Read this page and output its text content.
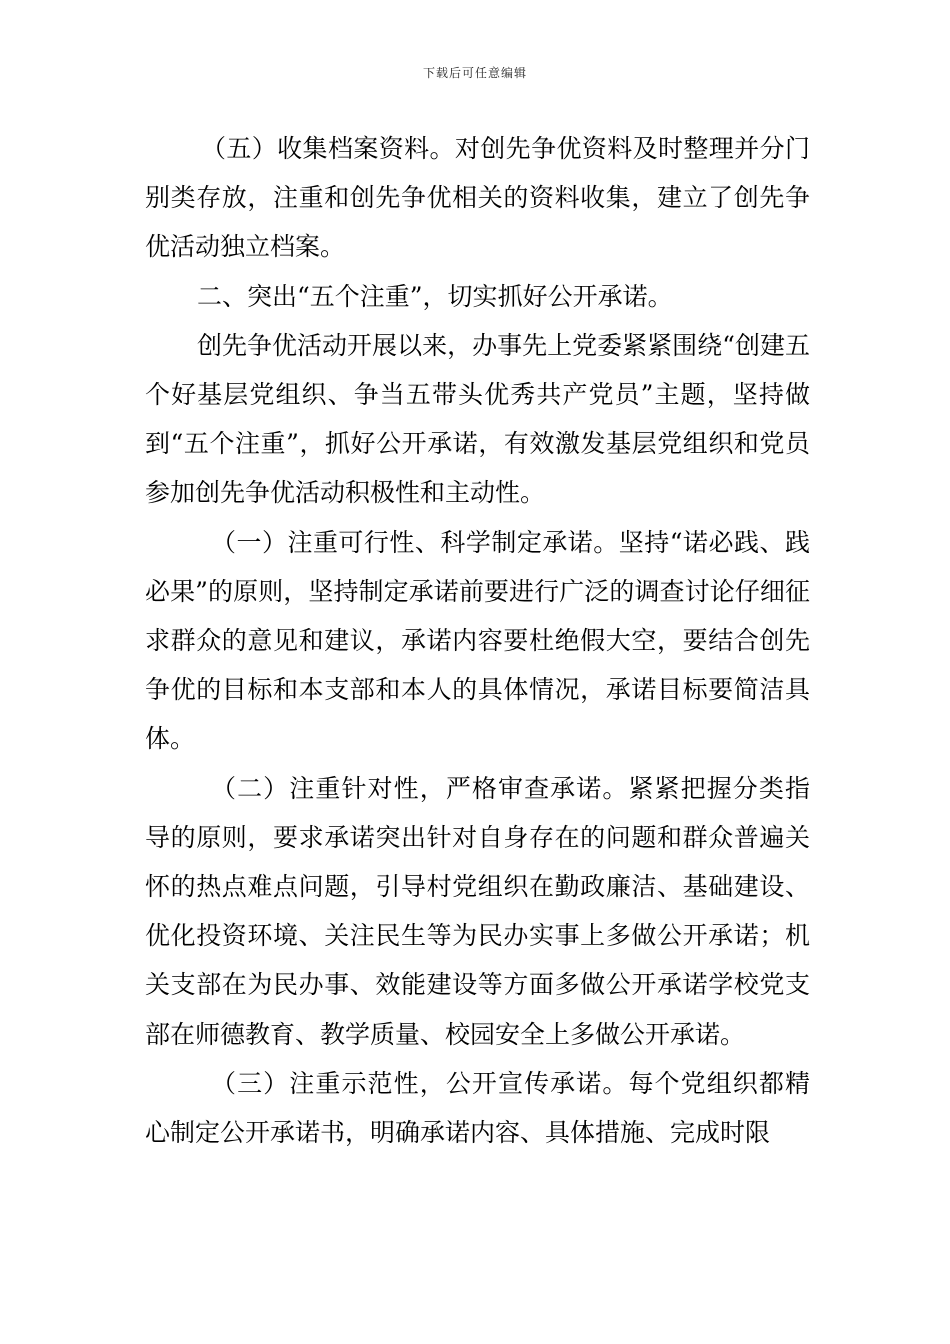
下载后可任意编辑
（五）收集档案资料。对创先争优资料及时整理并分门别类存放，注重和创先争优相关的资料收集，建立了创先争优活动独立档案。
二、突出“五个注重”，切实抓好公开承诺。
创先争优活动开展以来，办事先上党委紧紧围绕“创建五个好基层党组织、争当五带头优秀共产党员”主题，坚持做到“五个注重”，抓好公开承诺，有效激发基层党组织和党员参加创先争优活动积极性和主动性。
（一）注重可行性、科学制定承诺。坚持“诺必践、践必果”的原则，坚持制定承诺前要进行广泛的调查讨论仔细征求群众的意见和建议，承诺内容要杜绝假大空，要结合创先争优的目标和本支部和本人的具体情况，承诺目标要简洁具体。
（二）注重针对性，严格审查承诺。紧紧把握分类指导的原则，要求承诺突出针对自身存在的问题和群众普遍关怀的热点难点问题，引导村党组织在勤政廉洁、基础建设、优化投资环境、关注民生等为民办实事上多做公开承诺；机关支部在为民办事、效能建设等方面多做公开承诺学校党支部在师德教育、教学质量、校园安全上多做公开承诺。
（三）注重示范性，公开宣传承诺。每个党组织都精心制定公开承诺书，明确承诺内容、具体措施、完成时限
